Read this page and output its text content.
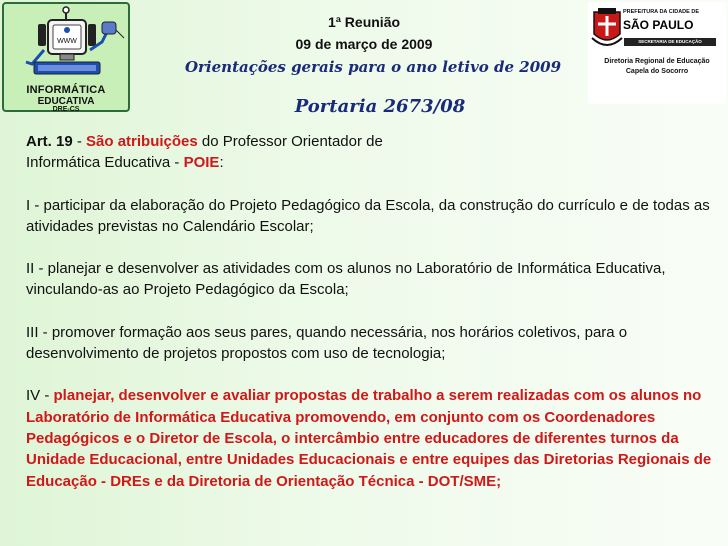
WWW
INFORMÁTICA
EDUCATIVA
DRE-CS
PREFEITURA DA CIDADE DE
SÃO PAULO
SECRETARIA DE EDUCAÇÃO
Diretoria Regional de Educação
Capela do Socorro
1ª Reunião
09 de março de 2009
Orientações gerais para o ano letivo de 2009
Portaria 2673/08

Art. 19 - São atribuições do Professor Orientador de
Informática Educativa - POIE:

I - participar da elaboração do Projeto Pedagógico da Escola, da construção do currículo e de todas as atividades previstas no Calendário Escolar;

II - planejar e desenvolver as atividades com os alunos no Laboratório de Informática Educativa, vinculando-as ao Projeto Pedagógico da Escola;

III - promover formação aos seus pares, quando necessária, nos horários coletivos, para o desenvolvimento de projetos propostos com uso de tecnologia;

IV - planejar, desenvolver e avaliar propostas de trabalho a serem realizadas com os alunos no Laboratório de Informática Educativa promovendo, em conjunto com os Coordenadores Pedagógicos e o Diretor de Escola, o intercâmbio entre educadores de diferentes turnos da Unidade Educacional, entre Unidades Educacionais e entre equipes das Diretorias Regionais de Educação - DREs e da Diretoria de Orientação Técnica - DOT/SME;
